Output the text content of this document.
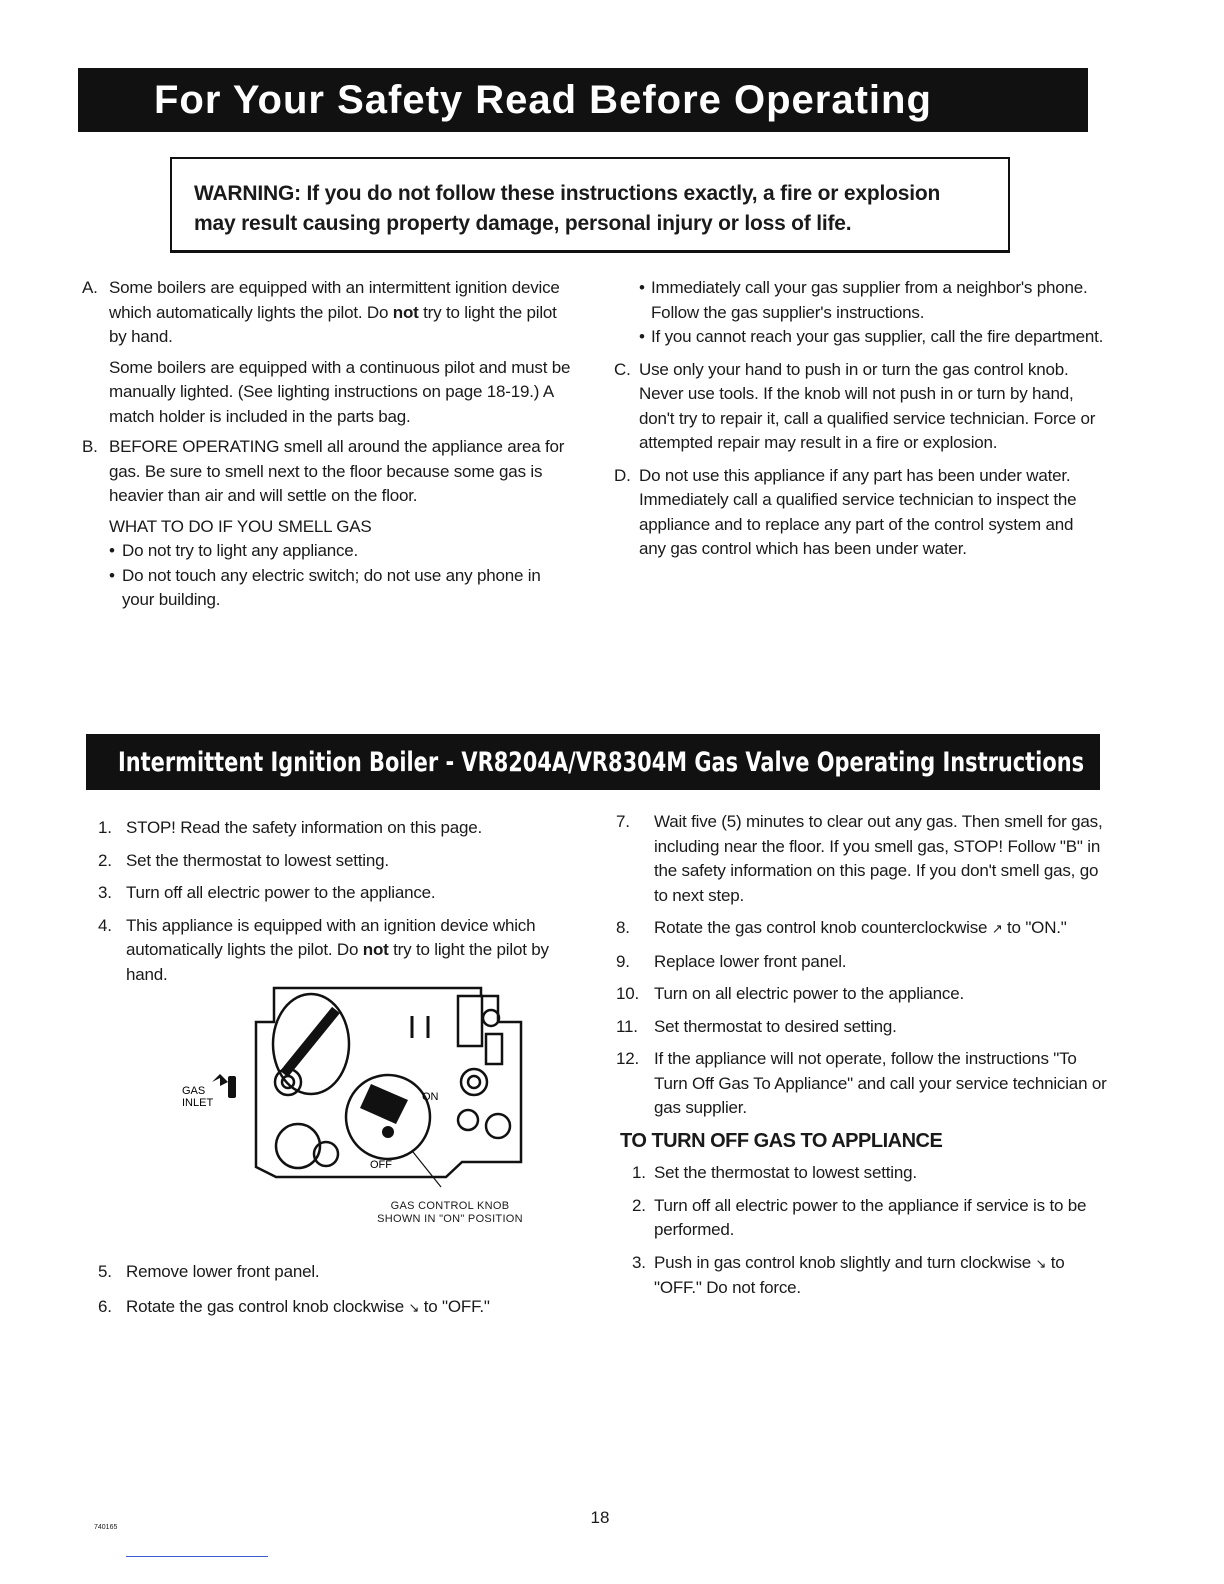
For Your Safety Read Before Operating
WARNING: If you do not follow these instructions exactly, a fire or explosion
may result causing property damage, personal injury or loss of life.
A. Some boilers are equipped with an intermittent ignition device which automatically lights the pilot. Do not try to light the pilot by hand.

Some boilers are equipped with a continuous pilot and must be manually lighted. (See lighting instructions on page 18-19.) A match holder is included in the parts bag.

B. BEFORE OPERATING smell all around the appliance area for gas. Be sure to smell next to the floor because some gas is heavier than air and will settle on the floor.

WHAT TO DO IF YOU SMELL GAS

• Do not try to light any appliance.
• Do not touch any electric switch; do not use any phone in your building.
• Immediately call your gas supplier from a neighbor's phone. Follow the gas supplier's instructions.
• If you cannot reach your gas supplier, call the fire department.
C. Use only your hand to push in or turn the gas control knob. Never use tools. If the knob will not push in or turn by hand, don't try to repair it, call a qualified service technician. Force or attempted repair may result in a fire or explosion.

D. Do not use this appliance if any part has been under water. Immediately call a qualified service technician to inspect the appliance and to replace any part of the control system and any gas control which has been under water.

Intermittent Ignition Boiler - VR8204A/VR8304M Gas Valve Operating Instructions
1. STOP! Read the safety information on this page.
2. Set the thermostat to lowest setting.
3. Turn off all electric power to the appliance.
4. This appliance is equipped with an ignition device which automatically lights the pilot. Do not try to light the pilot by hand.
ON
OFF
GAS
INLET
GAS CONTROL KNOB
SHOWN IN "ON" POSITION
5. Remove lower front panel.
6. Rotate the gas control knob clockwise ↘ to "OFF."
7. Wait five (5) minutes to clear out any gas. Then smell for gas, including near the floor. If you smell gas, STOP! Follow "B" in the safety information on this page. If you don't smell gas, go to next step.
8. Rotate the gas control knob counterclockwise ↗ to "ON."
9. Replace lower front panel.
10. Turn on all electric power to the appliance.
11. Set thermostat to desired setting.
12. If the appliance will not operate, follow the instructions "To Turn Off Gas To Appliance" and call your service technician or gas supplier.
TO TURN OFF GAS TO APPLIANCE
1. Set the thermostat to lowest setting.
2. Turn off all electric power to the appliance if service is to be performed.
3. Push in gas control knob slightly and turn clockwise ↘ to "OFF." Do not force.
18
740165
